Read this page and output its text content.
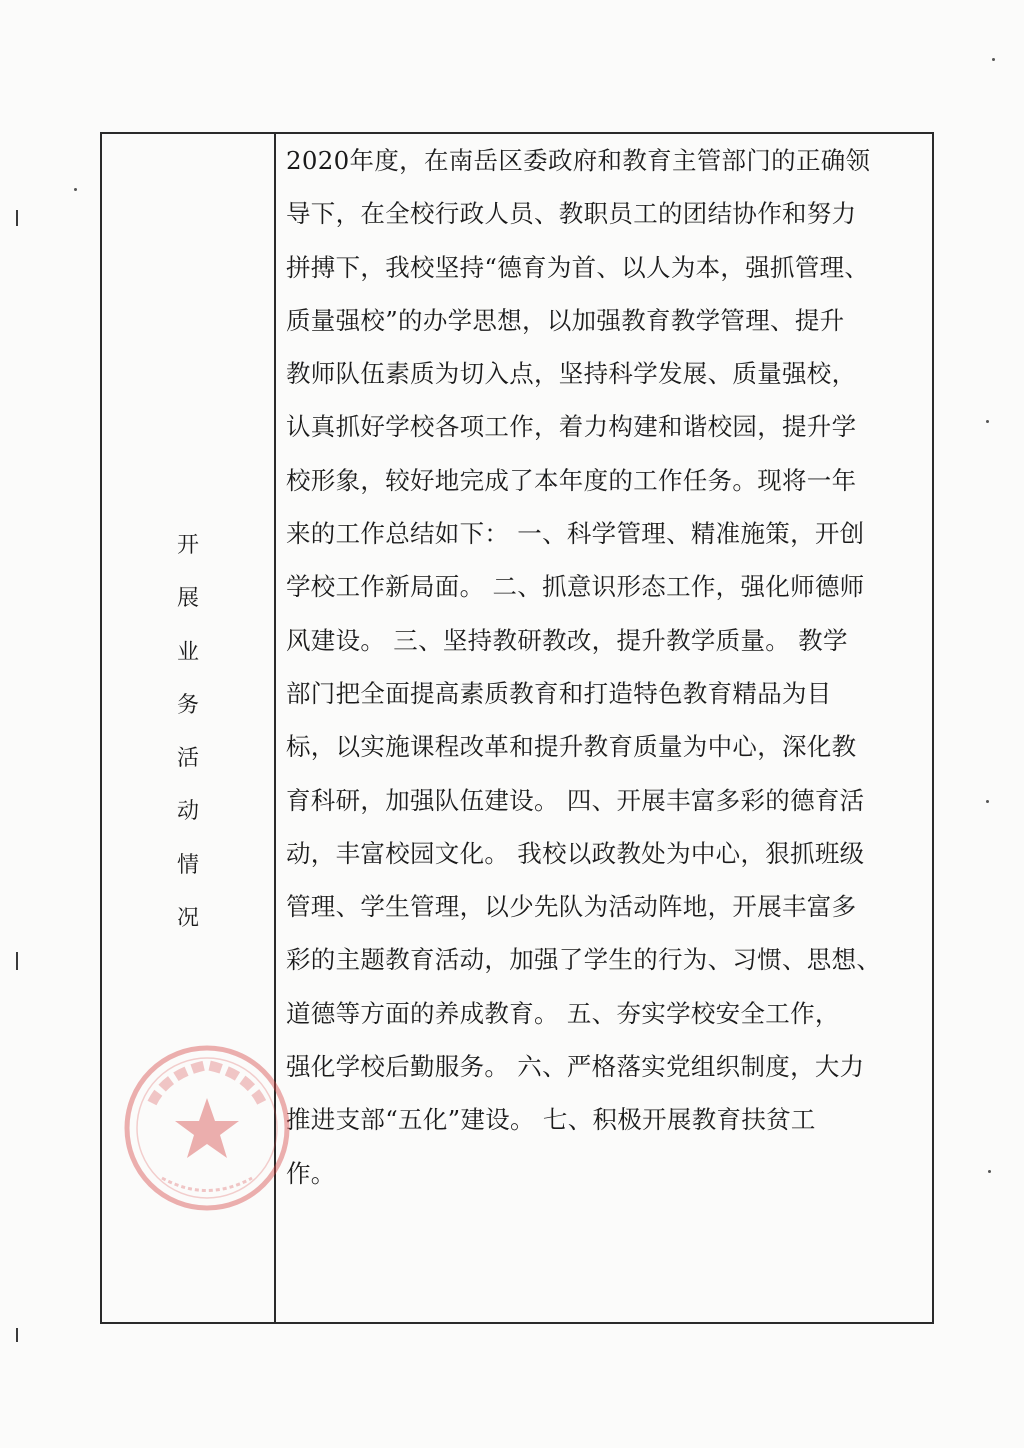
开
展
业
务
活
动
情
况
2020年度，在南岳区委政府和教育主管部门的正确领
导下，在全校行政人员、教职员工的团结协作和努力
拼搏下，我校坚持“德育为首、以人为本，强抓管理、
质量强校”的办学思想，以加强教育教学管理、提升
教师队伍素质为切入点，坚持科学发展、质量强校，
认真抓好学校各项工作，着力构建和谐校园，提升学
校形象，较好地完成了本年度的工作任务。现将一年
来的工作总结如下： 一、科学管理、精准施策，开创
学校工作新局面。 二、抓意识形态工作，强化师德师
风建设。 三、坚持教研教改，提升教学质量。 教学
部门把全面提高素质教育和打造特色教育精品为目
标，以实施课程改革和提升教育质量为中心，深化教
育科研，加强队伍建设。 四、开展丰富多彩的德育活
动，丰富校园文化。 我校以政教处为中心，狠抓班级
管理、学生管理，以少先队为活动阵地，开展丰富多
彩的主题教育活动，加强了学生的行为、习惯、思想、
道德等方面的养成教育。 五、夯实学校安全工作，
强化学校后勤服务。 六、严格落实党组织制度，大力
推进支部“五化”建设。 七、积极开展教育扶贫工
作。
